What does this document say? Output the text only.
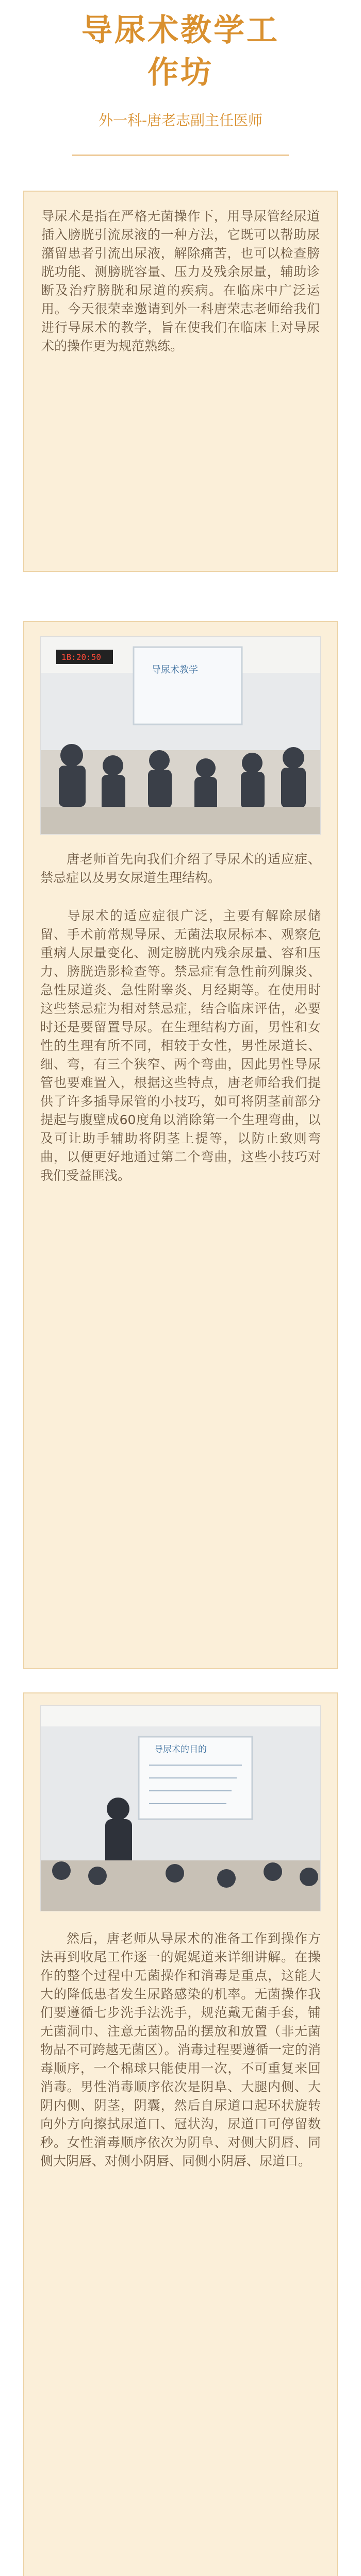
导尿术教学工
作坊
外一科-唐老志副主任医师
导尿术是指在严格无菌操作下，用导尿管经尿道插入膀胱引流尿液的一种方法，它既可以帮助尿潴留患者引流出尿液，解除痛苦，也可以检查膀胱功能、测膀胱容量、压力及残余尿量，辅助诊断及治疗膀胱和尿道的疾病。在临床中广泛运用。今天很荣幸邀请到外一科唐荣志老师给我们进行导尿术的教学，旨在使我们在临床上对导尿术的操作更为规范熟练。
1B:20:50
导尿术教学
唐老师首先向我们介绍了导尿术的适应症、禁忌症以及男女尿道生理结构。
导尿术的适应症很广泛，主要有解除尿储留、手术前常规导尿、无菌法取尿标本、观察危重病人尿量变化、测定膀胱内残余尿量、容和压力、膀胱造影检查等。禁忌症有急性前列腺炎、急性尿道炎、急性附睾炎、月经期等。在使用时这些禁忌症为相对禁忌症，结合临床评估，必要时还是要留置导尿。在生理结构方面，男性和女性的生理有所不同，相较于女性，男性尿道长、细、弯，有三个狭窄、两个弯曲，因此男性导尿管也要难置入，根据这些特点，唐老师给我们提供了许多插导尿管的小技巧，如可将阴茎前部分提起与腹壁成60度角以消除第一个生理弯曲，以及可让助手辅助将阴茎上提等，以防止致则弯曲，以便更好地通过第二个弯曲，这些小技巧对我们受益匪浅。
导尿术的目的
然后，唐老师从导尿术的准备工作到操作方法再到收尾工作逐一的娓娓道来详细讲解。在操作的整个过程中无菌操作和消毒是重点，这能大大的降低患者发生尿路感染的机率。无菌操作我们要遵循七步洗手法洗手，规范戴无菌手套，铺无菌洞巾、注意无菌物品的摆放和放置（非无菌物品不可跨越无菌区）。消毒过程要遵循一定的消毒顺序，一个棉球只能使用一次，不可重复来回消毒。男性消毒顺序依次是阴阜、大腿内侧、大阴内侧、阴茎，阴囊，然后自尿道口起环状旋转向外方向擦拭尿道口、冠状沟，尿道口可停留数秒。女性消毒顺序依次为阴阜、对侧大阴唇、同侧大阴唇、对侧小阴唇、同侧小阴唇、尿道口。
